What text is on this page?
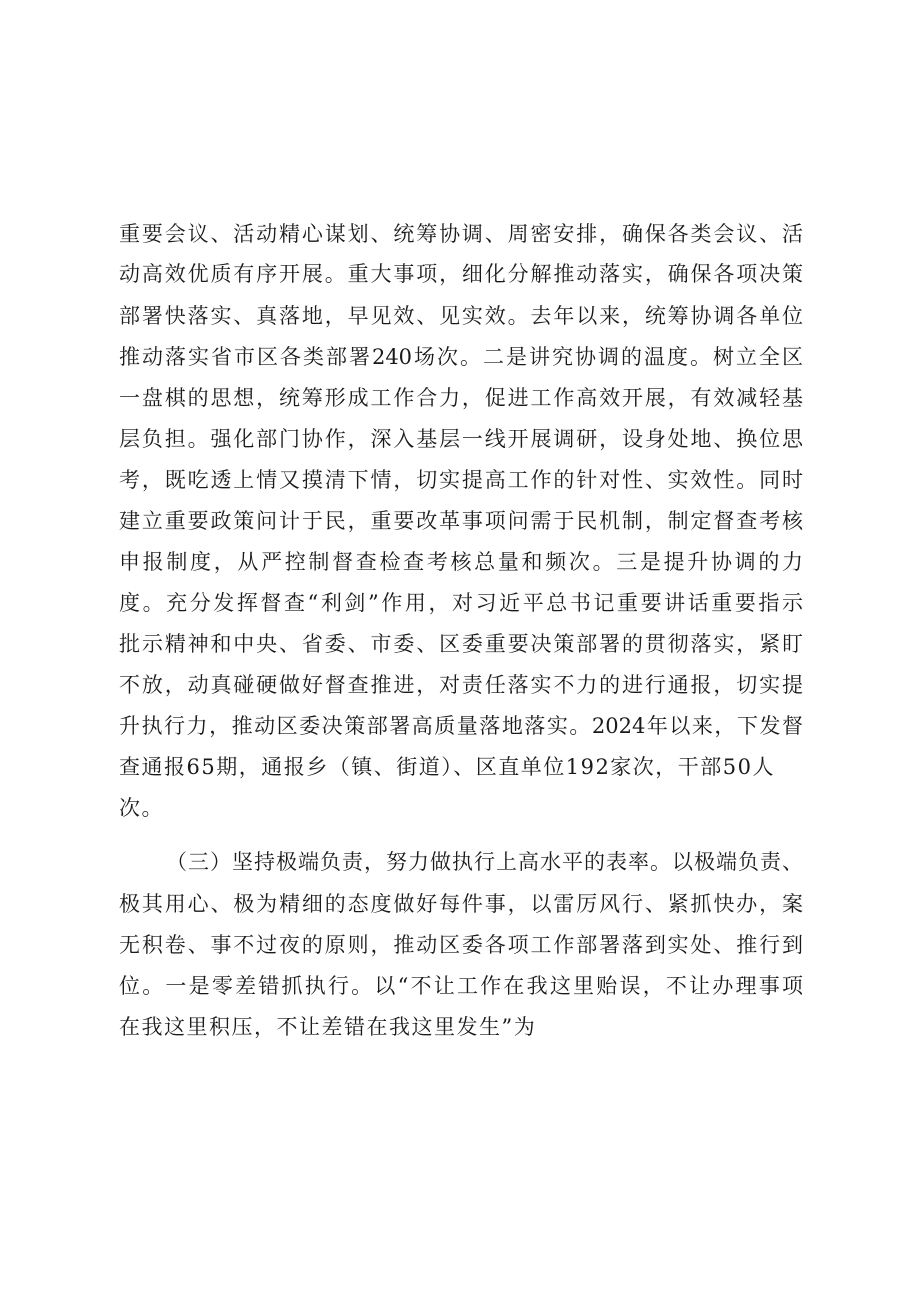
重要会议、活动精心谋划、统筹协调、周密安排，确保各类会议、活
动高效优质有序开展。重大事项，细化分解推动落实，确保各项决策
部署快落实、真落地，早见效、见实效。去年以来，统筹协调各单位
推动落实省市区各类部署240场次。二是讲究协调的温度。树立全区
一盘棋的思想，统筹形成工作合力，促进工作高效开展，有效减轻基
层负担。强化部门协作，深入基层一线开展调研，设身处地、换位思
考，既吃透上情又摸清下情，切实提高工作的针对性、实效性。同时
建立重要政策问计于民，重要改革事项问需于民机制，制定督查考核
申报制度，从严控制督查检查考核总量和频次。三是提升协调的力
度。充分发挥督查“利剑”作用，对习近平总书记重要讲话重要指示
批示精神和中央、省委、市委、区委重要决策部署的贯彻落实，紧盯
不放，动真碰硬做好督查推进，对责任落实不力的进行通报，切实提
升执行力，推动区委决策部署高质量落地落实。2024年以来，下发督
查通报65期，通报乡（镇、街道）、区直单位192家次，干部50人
次。
（三）坚持极端负责，努力做执行上高水平的表率。以极端负责、
极其用心、极为精细的态度做好每件事，以雷厉风行、紧抓快办，案
无积卷、事不过夜的原则，推动区委各项工作部署落到实处、推行到
位。一是零差错抓执行。以“不让工作在我这里贻误，不让办理事项
在我这里积压，不让差错在我这里发生”为
